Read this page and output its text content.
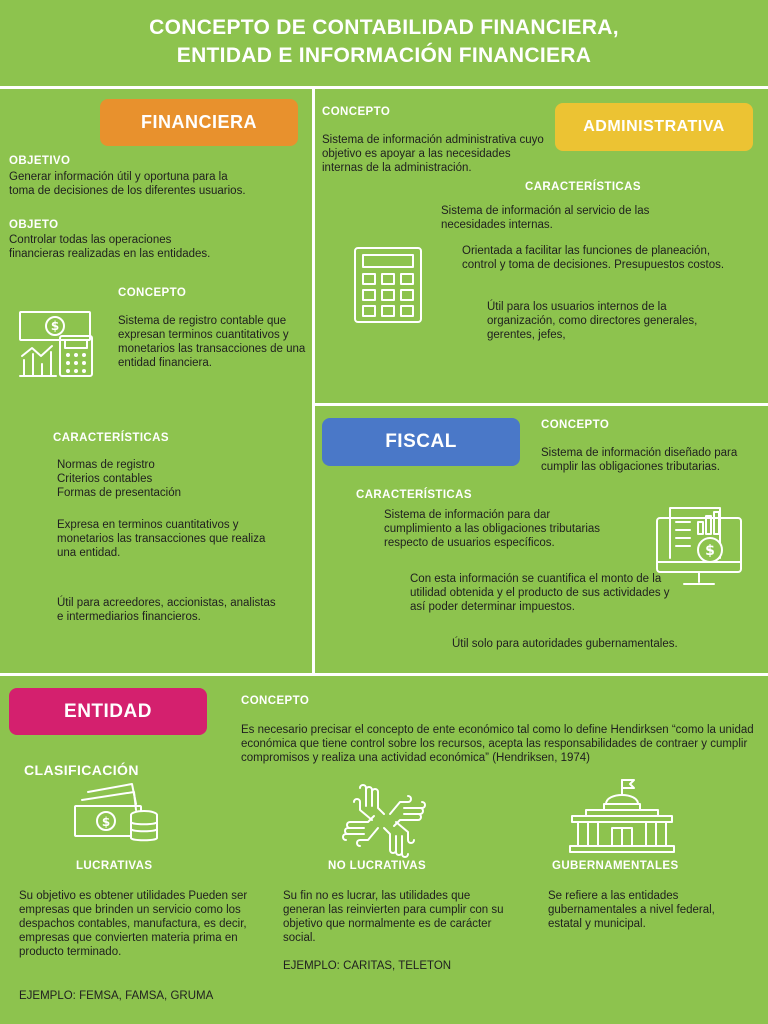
CONCEPTO DE CONTABILIDAD FINANCIERA,
ENTIDAD E INFORMACIÓN FINANCIERA
FINANCIERA
OBJETIVO
Generar información útil y oportuna para la toma de decisiones de los diferentes usuarios.
OBJETO
Controlar todas las operaciones financieras realizadas en las entidades.
CONCEPTO
Sistema de registro contable que expresan terminos cuantitativos y monetarios las transacciones de una entidad financiera.
$
CARACTERÍSTICAS
Normas de registro
Criterios contables
Formas de presentación
Expresa en terminos cuantitativos y monetarios las transacciones que realiza una entidad.
Útil para acreedores, accionistas, analistas e intermediarios financieros.
CONCEPTO
Sistema de información administrativa cuyo objetivo es apoyar a las necesidades internas de la administración.
ADMINISTRATIVA
CARACTERÍSTICAS
Sistema de información al servicio de las necesidades internas.
Orientada a facilitar las funciones de planeación, control y toma de decisiones. Presupuestos costos.
Útil para los usuarios internos de la organización, como directores generales, gerentes, jefes,
FISCAL
CONCEPTO
Sistema de información diseñado para cumplir las obligaciones tributarias.
CARACTERÍSTICAS
Sistema de información para dar cumplimiento a las obligaciones tributarias respecto de usuarios específicos.
Con esta información se cuantifica el monto de la utilidad obtenida y el producto de sus actividades y así poder determinar impuestos.
Útil solo para autoridades gubernamentales.
$
ENTIDAD	CONCEPTO
Es necesario precisar el concepto de ente económico tal como lo define Hendirksen “como la unidad económica que tiene control sobre los recursos, acepta las responsabilidades de contraer y cumplir compromisos y realiza una actividad económica” (Hendriksen, 1974)
CLASIFICACIÓN
$
LUCRATIVAS
Su objetivo es obtener utilidades Pueden ser empresas que brinden un servicio como los despachos contables, manufactura, es decir, empresas que convierten materia prima en producto terminado.
EJEMPLO: FEMSA, FAMSA, GRUMA
NO LUCRATIVAS
Su fin no es lucrar, las utilidades que generan las reinvierten para cumplir con su objetivo que normalmente es de carácter social.
EJEMPLO: CARITAS, TELETON
GUBERNAMENTALES
Se refiere a las entidades gubernamentales a nivel federal, estatal y municipal.
